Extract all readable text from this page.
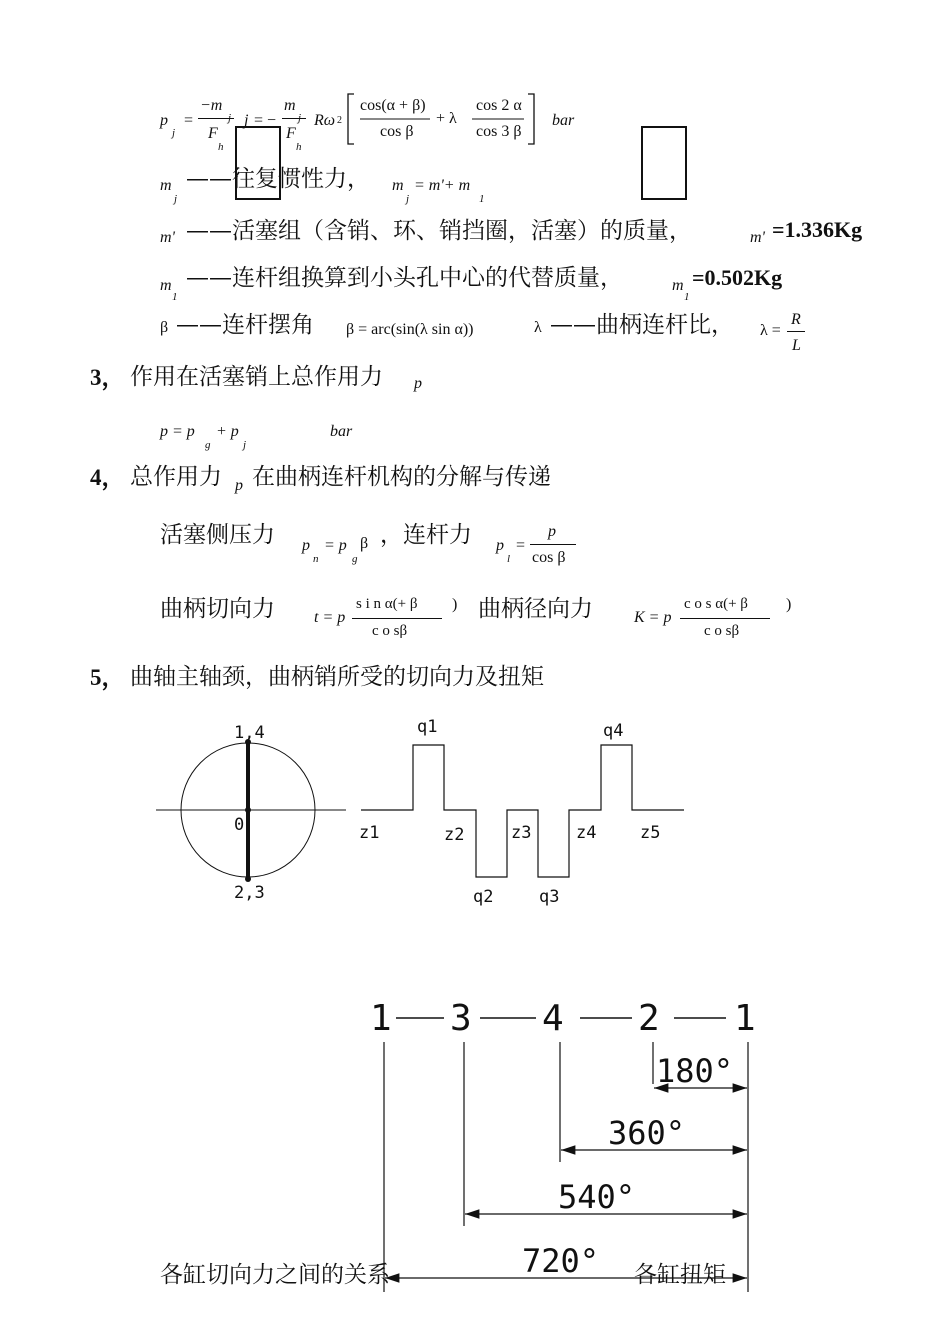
p
j
=
−m
F
h
j = −
m
F
h
Rω 2
cos(α + β)
cos β
+ λ
cos 2 α
cos 3 β
bar
m
j
——往复惯性力， m
j
= m'+ m
1
m' ——活塞组（含销、环、销挡圈，活塞）的质量，	m' =1.336Kg
m
1
——连杆组换算到小头孔中心的代替质量，	m
1
=0.502Kg
β ——连杆摆角 β = arc(sin(λ sin α))	λ ——曲柄连杆比， λ =
R
L
3， 作用在活塞销上总作用力 p
p = p
g
+ p
j
bar
4， 总作用力 p 在曲柄连杆机构的分解与传递
活塞侧压力 p
n
= p
g
β ，连杆力 p
l
=
p
cos β
曲柄切向力 t = p
s i n α(+ β
c o sβ
) 曲柄径向力	K = p
c o s α(+ β
c o sβ
)
5， 曲轴主轴颈，曲柄销所受的切向力及扭矩
1,4
0
2,3
q1	q4
q2	q3
z1	z2	z3	z4	z5
1 3 4 2 1
180°
360°
540°
720°
各缸切向力之间的关系	各缸扭矩
